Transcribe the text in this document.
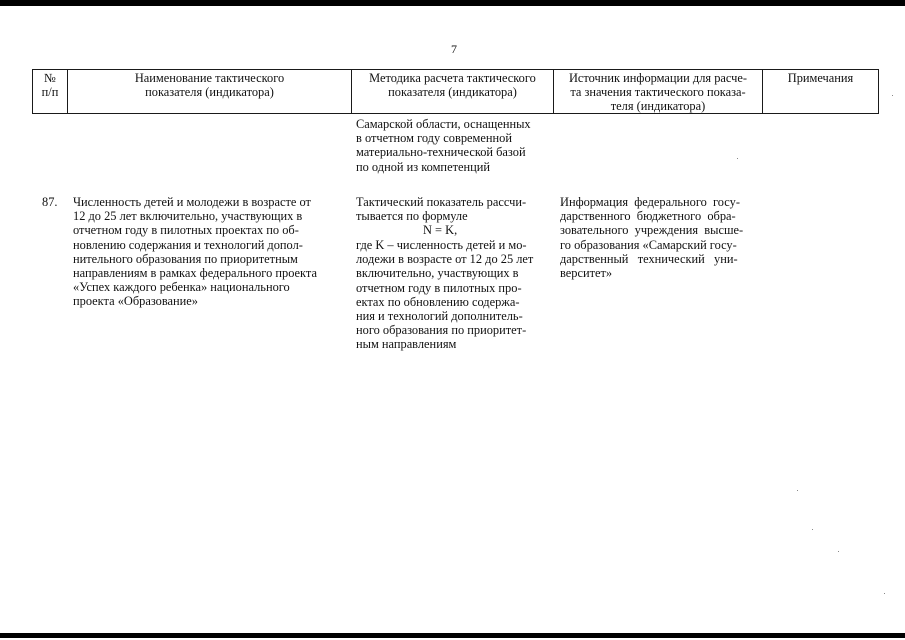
7
№
п/п
Наименование тактического
показателя (индикатора)
Методика расчета тактического
показателя (индикатора)
Источник информации для расче-
та значения тактического показа-
теля (индикатора)
Примечания
Самарской области, оснащенных
в отчетном году современной
материально-технической базой
по одной из компетенций
87. Численность детей и молодежи в возрасте от
12 до 25 лет включительно, участвующих в
отчетном году в пилотных проектах по об-
новлению содержания и технологий допол-
нительного образования по приоритетным
направлениям в рамках федерального проекта
«Успех каждого ребенка» национального
проекта «Образование»
Тактический показатель рассчи-
тывается по формуле
N = K,
где K – численность детей и мо-
лодежи в возрасте от 12 до 25 лет
включительно, участвующих в
отчетном году в пилотных про-
ектах по обновлению содержа-
ния и технологий дополнитель-
ного образования по приоритет-
ным направлениям
Информация  федерального  госу-
дарственного  бюджетного  обра-
зовательного  учреждения  высше-
го образования «Самарский госу-
дарственный   технический   уни-
верситет»
